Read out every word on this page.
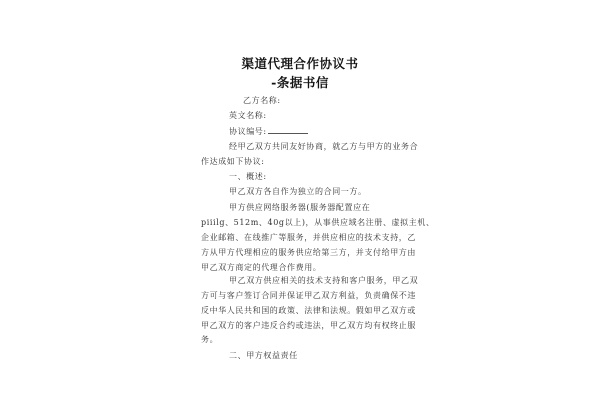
渠道代理合作协议书
-条据书信
乙方名称:
英文名称:
协议编号:
经甲乙双方共同友好协商，就乙方与甲方的业务合
作达成如下协议:
一、概述:
甲乙双方各自作为独立的合同一方。
甲方供应网络服务器(服务器配置应在
piiilg、512m、40g以上)，从事供应域名注册、虚拟主机、
企业邮箱、在线推广等服务，并供应相应的技术支持，乙
方从甲方代理相应的服务供应给第三方，并支付给甲方由
甲乙双方商定的代理合作费用。
甲乙双方供应相关的技术支持和客户服务，甲乙双
方可与客户签订合同并保证甲乙双方利益，负责确保不违
反中华人民共和国的政策、法律和法规。假如甲乙双方或
甲乙双方的客户违反合约或违法，甲乙双方均有权终止服
务。
二、甲方权益责任
